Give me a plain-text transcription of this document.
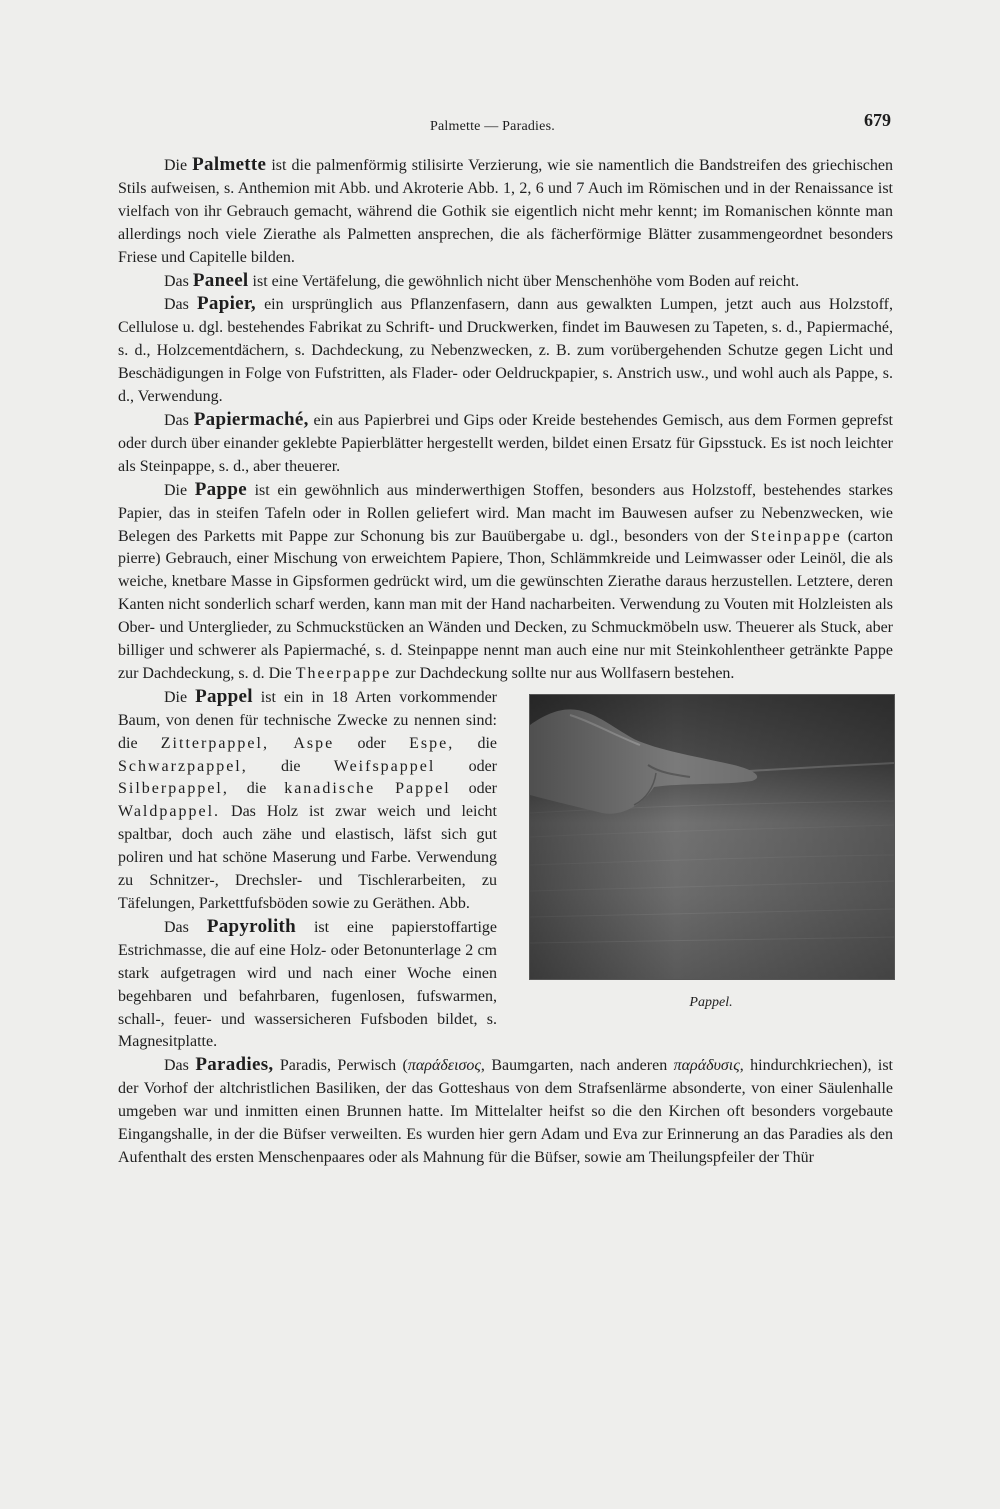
Palmette — Paradies.	679

Die Palmette ist die palmenförmig stilisirte Verzierung, wie sie namentlich die Bandstreifen des griechischen Stils aufweisen, s. Anthemion mit Abb. und Akroterie Abb. 1, 2, 6 und 7 Auch im Römischen und in der Renaissance ist vielfach von ihr Gebrauch gemacht, während die Gothik sie eigentlich nicht mehr kennt; im Romanischen könnte man allerdings noch viele Zierathe als Palmetten ansprechen, die als fächerförmige Blätter zusammengeordnet besonders Friese und Capitelle bilden.

Das Paneel ist eine Vertäfelung, die gewöhnlich nicht über Menschenhöhe vom Boden auf reicht.

Das Papier, ein ursprünglich aus Pflanzenfasern, dann aus gewalkten Lumpen, jetzt auch aus Holzstoff, Cellulose u. dgl. bestehendes Fabrikat zu Schrift- und Druckwerken, findet im Bauwesen zu Tapeten, s. d., Papiermaché, s. d., Holzcementdächern, s. Dachdeckung, zu Nebenzwecken, z. B. zum vorübergehenden Schutze gegen Licht und Beschädigungen in Folge von Fufstritten, als Flader- oder Oeldruckpapier, s. Anstrich usw., und wohl auch als Pappe, s. d., Verwendung.

Das Papiermaché, ein aus Papierbrei und Gips oder Kreide bestehendes Gemisch, aus dem Formen geprefst oder durch über einander geklebte Papierblätter hergestellt werden, bildet einen Ersatz für Gipsstuck. Es ist noch leichter als Steinpappe, s. d., aber theuerer.

Die Pappe ist ein gewöhnlich aus minderwerthigen Stoffen, besonders aus Holzstoff, bestehendes starkes Papier, das in steifen Tafeln oder in Rollen geliefert wird. Man macht im Bauwesen aufser zu Nebenzwecken, wie Belegen des Parketts mit Pappe zur Schonung bis zur Bauübergabe u. dgl., besonders von der Steinpappe (carton pierre) Gebrauch, einer Mischung von erweichtem Papiere, Thon, Schlämmkreide und Leimwasser oder Leinöl, die als weiche, knetbare Masse in Gipsformen gedrückt wird, um die gewünschten Zierathe daraus herzustellen. Letztere, deren Kanten nicht sonderlich scharf werden, kann man mit der Hand nacharbeiten. Verwendung zu Vouten mit Holzleisten als Ober- und Unterglieder, zu Schmuckstücken an Wänden und Decken, zu Schmuckmöbeln usw. Theuerer als Stuck, aber billiger und schwerer als Papiermaché, s. d. Steinpappe nennt man auch eine nur mit Steinkohlentheer getränkte Pappe zur Dachdeckung, s. d. Die Theerpappe zur Dachdeckung sollte nur aus Wollfasern bestehen.

Pappel.

Die Pappel ist ein in 18 Arten vorkommender Baum, von denen für technische Zwecke zu nennen sind: die Zitterpappel, Aspe oder Espe, die Schwarzpappel, die Weifspappel oder Silberpappel, die kanadische Pappel oder Waldpappel. Das Holz ist zwar weich und leicht spaltbar, doch auch zähe und elastisch, läfst sich gut poliren und hat schöne Maserung und Farbe. Verwendung zu Schnitzer-, Drechsler- und Tischlerarbeiten, zu Täfelungen, Parkettfufsböden sowie zu Geräthen. Abb.

Das Papyrolith ist eine papierstoffartige Estrichmasse, die auf eine Holz- oder Betonunterlage 2 cm stark aufgetragen wird und nach einer Woche einen begehbaren und befahrbaren, fugenlosen, fufswarmen, schall-, feuer- und wassersicheren Fufsboden bildet, s. Magnesitplatte.

Das Paradies, Paradis, Perwisch (παράδεισος, Baumgarten, nach anderen παράδυσις, hindurchkriechen), ist der Vorhof der altchristlichen Basiliken, der das Gotteshaus von dem Strafsenlärme absonderte, von einer Säulenhalle umgeben war und inmitten einen Brunnen hatte. Im Mittelalter heifst so die den Kirchen oft besonders vorgebaute Eingangshalle, in der die Büfser verweilten. Es wurden hier gern Adam und Eva zur Erinnerung an das Paradies als den Aufenthalt des ersten Menschenpaares oder als Mahnung für die Büfser, sowie am Theilungspfeiler der Thür
